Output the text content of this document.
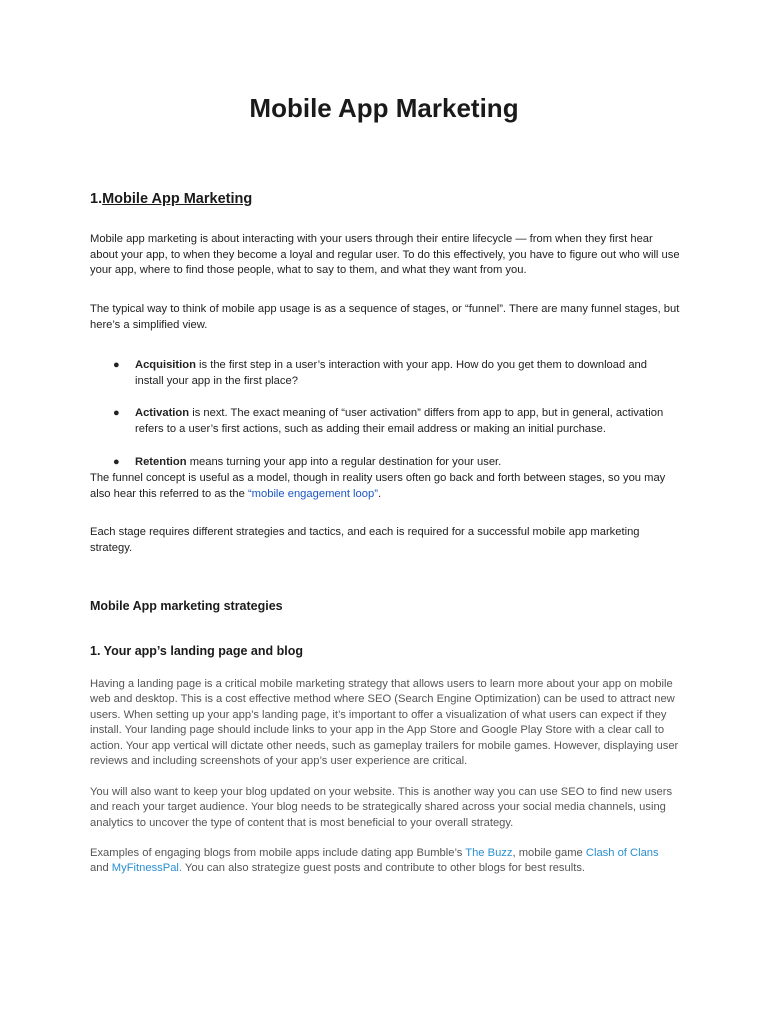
Mobile App Marketing
1.Mobile App Marketing

Mobile app marketing is about interacting with your users through their entire lifecycle — from when they first hear about your app, to when they become a loyal and regular user. To do this effectively, you have to figure out who will use your app, where to find those people, what to say to them, and what they want from you.

The typical way to think of mobile app usage is as a sequence of stages, or “funnel”. There are many funnel stages, but here’s a simplified view.

● Acquisition is the first step in a user’s interaction with your app. How do you get them to download and install your app in the first place?
● Activation is next. The exact meaning of “user activation” differs from app to app, but in general, activation refers to a user’s first actions, such as adding their email address or making an initial purchase.
● Retention means turning your app into a regular destination for your user.

The funnel concept is useful as a model, though in reality users often go back and forth between stages, so you may also hear this referred to as the “mobile engagement loop”.

Each stage requires different strategies and tactics, and each is required for a successful mobile app marketing strategy.

Mobile App marketing strategies
1. Your app’s landing page and blog

Having a landing page is a critical mobile marketing strategy that allows users to learn more about your app on mobile web and desktop. This is a cost effective method where SEO (Search Engine Optimization) can be used to attract new users. When setting up your app’s landing page, it’s important to offer a visualization of what users can expect if they install. Your landing page should include links to your app in the App Store and Google Play Store with a clear call to action. Your app vertical will dictate other needs, such as gameplay trailers for mobile games. However, displaying user reviews and including screenshots of your app’s user experience are critical.

You will also want to keep your blog updated on your website. This is another way you can use SEO to find new users and reach your target audience. Your blog needs to be strategically shared across your social media channels, using analytics to uncover the type of content that is most beneficial to your overall strategy.

Examples of engaging blogs from mobile apps include dating app Bumble’s The Buzz, mobile game Clash of Clans and MyFitnessPal. You can also strategize guest posts and contribute to other blogs for best results.
